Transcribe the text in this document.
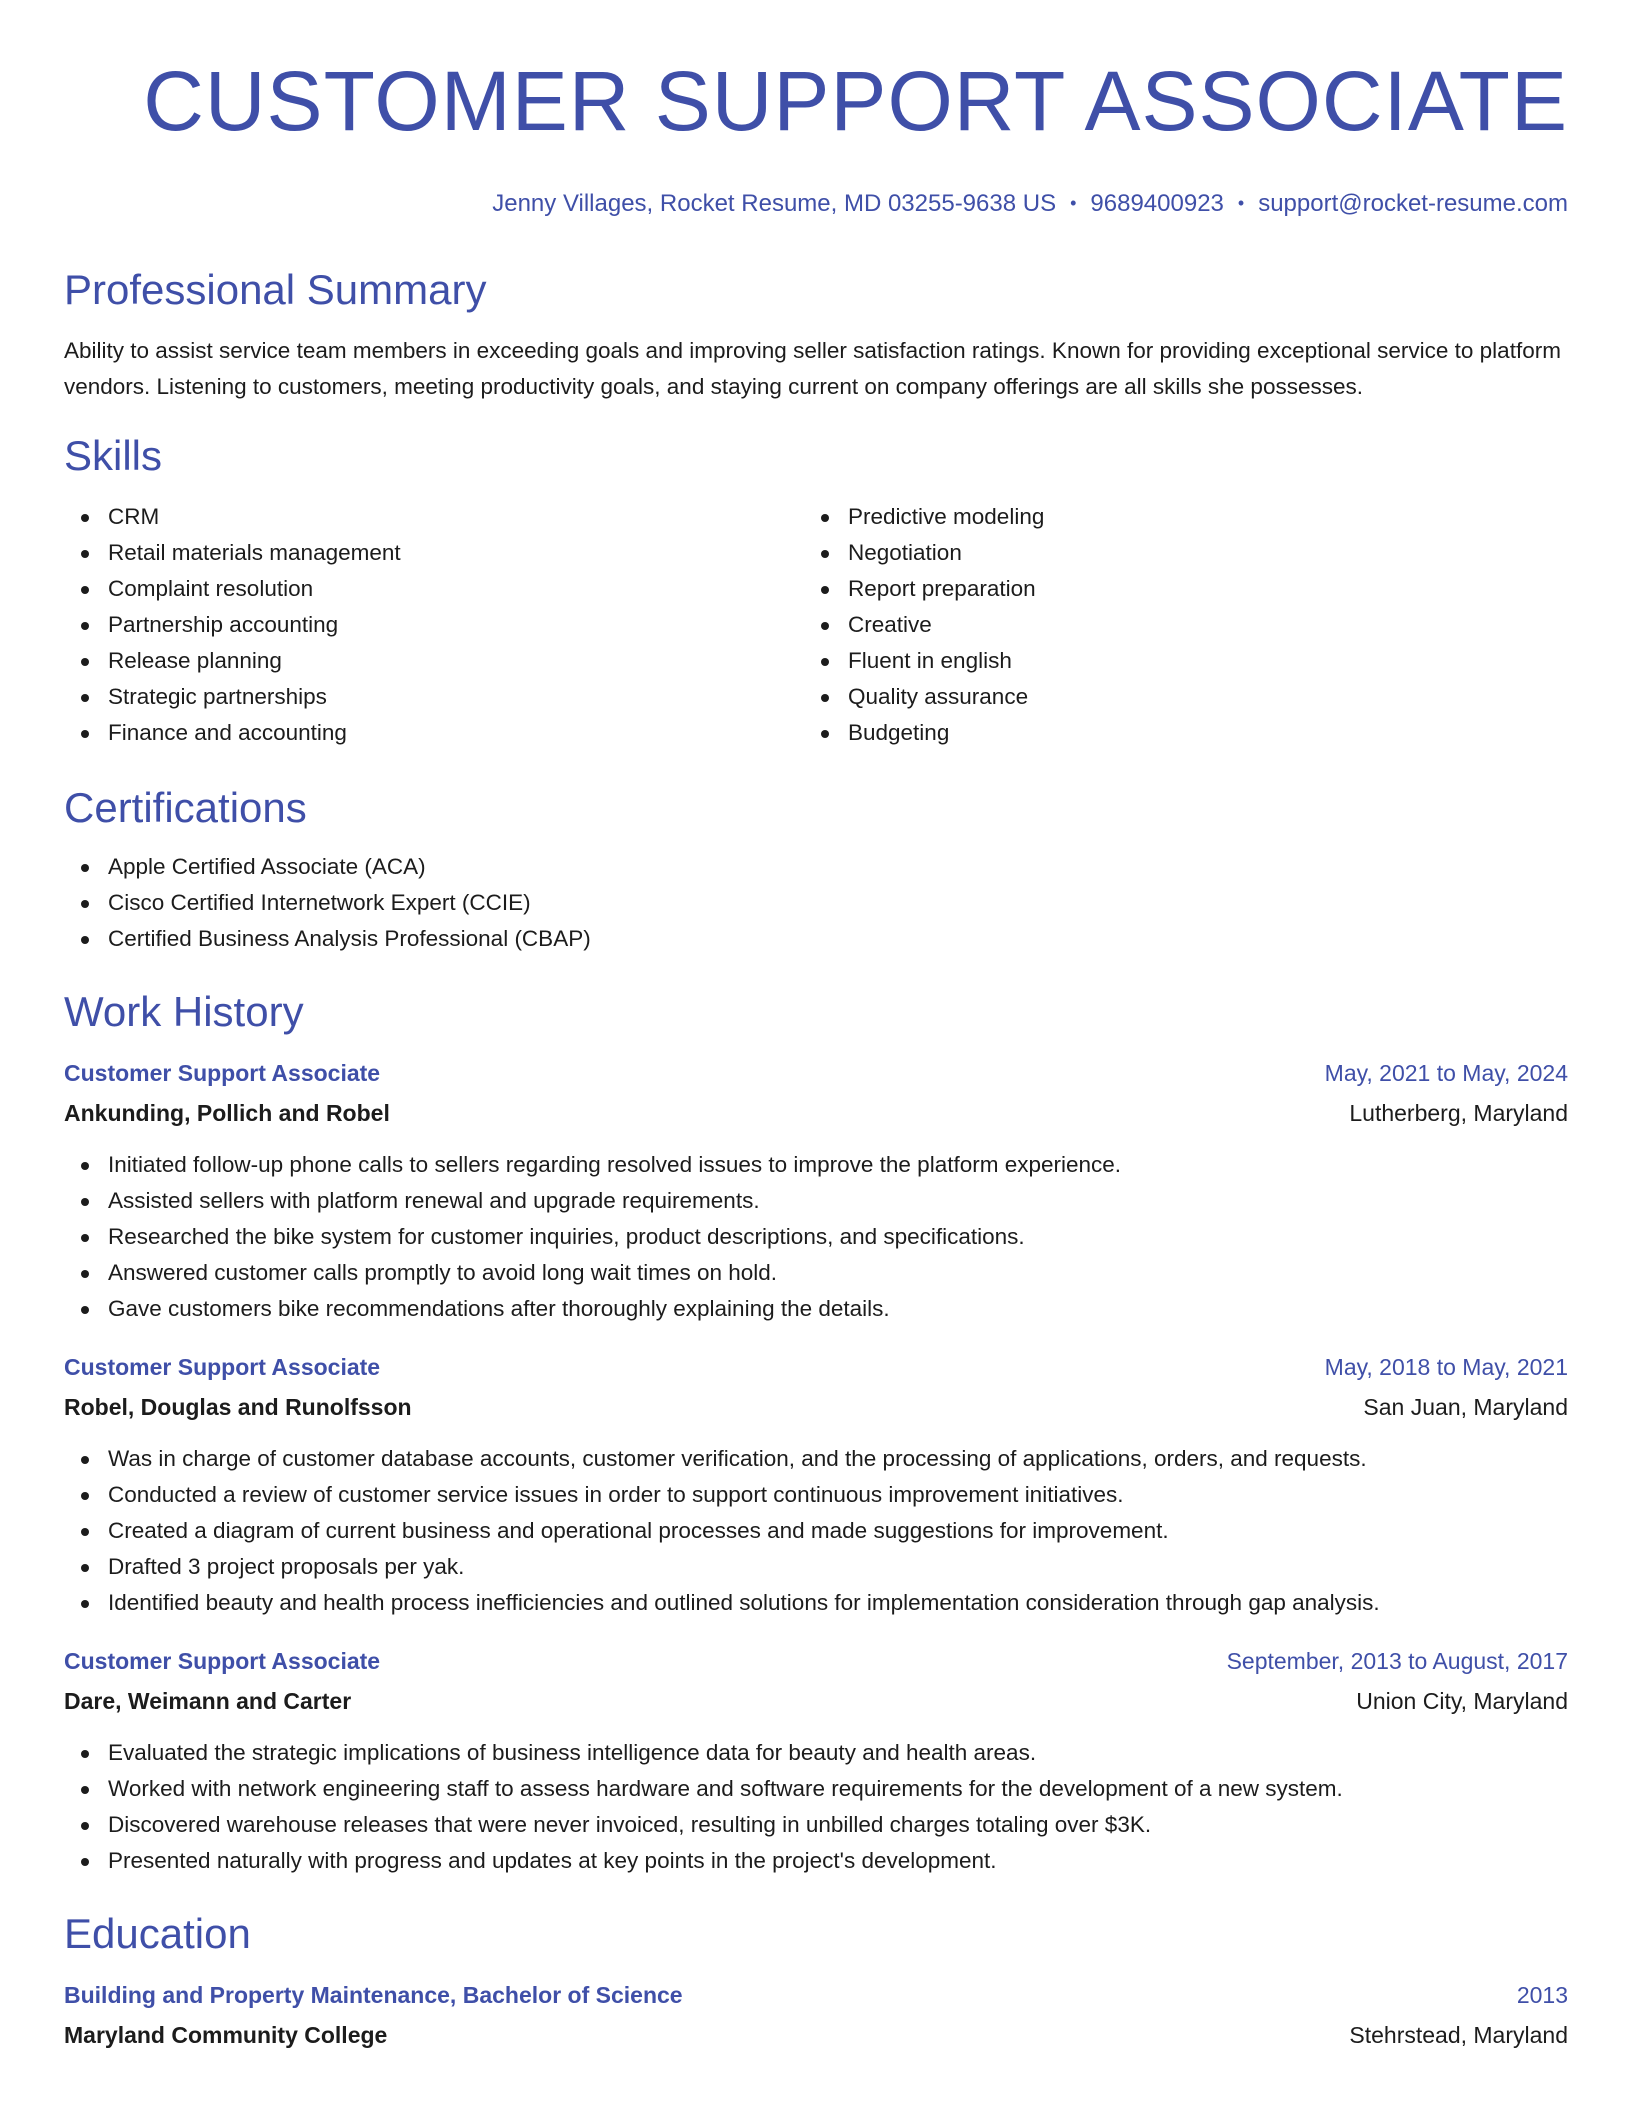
CUSTOMER SUPPORT ASSOCIATE
Jenny Villages, Rocket Resume, MD 03255-9638 US • 9689400923 • support@rocket-resume.com
Professional Summary

Ability to assist service team members in exceeding goals and improving seller satisfaction ratings. Known for providing exceptional service to platform vendors. Listening to customers, meeting productivity goals, and staying current on company offerings are all skills she possesses.

Skills
CRM
Retail materials management
Complaint resolution
Partnership accounting
Release planning
Strategic partnerships
Finance and accounting
Predictive modeling
Negotiation
Report preparation
Creative
Fluent in english
Quality assurance
Budgeting
Certifications
Apple Certified Associate (ACA)
Cisco Certified Internetwork Expert (CCIE)
Certified Business Analysis Professional (CBAP)
Work History
Customer Support Associate	May, 2021 to May, 2024
Ankunding, Pollich and Robel	Lutherberg, Maryland
Initiated follow-up phone calls to sellers regarding resolved issues to improve the platform experience.
Assisted sellers with platform renewal and upgrade requirements.
Researched the bike system for customer inquiries, product descriptions, and specifications.
Answered customer calls promptly to avoid long wait times on hold.
Gave customers bike recommendations after thoroughly explaining the details.
Customer Support Associate	May, 2018 to May, 2021
Robel, Douglas and Runolfsson	San Juan, Maryland
Was in charge of customer database accounts, customer verification, and the processing of applications, orders, and requests.
Conducted a review of customer service issues in order to support continuous improvement initiatives.
Created a diagram of current business and operational processes and made suggestions for improvement.
Drafted 3 project proposals per yak.
Identified beauty and health process inefficiencies and outlined solutions for implementation consideration through gap analysis.
Customer Support Associate	September, 2013 to August, 2017
Dare, Weimann and Carter	Union City, Maryland
Evaluated the strategic implications of business intelligence data for beauty and health areas.
Worked with network engineering staff to assess hardware and software requirements for the development of a new system.
Discovered warehouse releases that were never invoiced, resulting in unbilled charges totaling over $3K.
Presented naturally with progress and updates at key points in the project's development.
Education
Building and Property Maintenance, Bachelor of Science	2013
Maryland Community College	Stehrstead, Maryland
